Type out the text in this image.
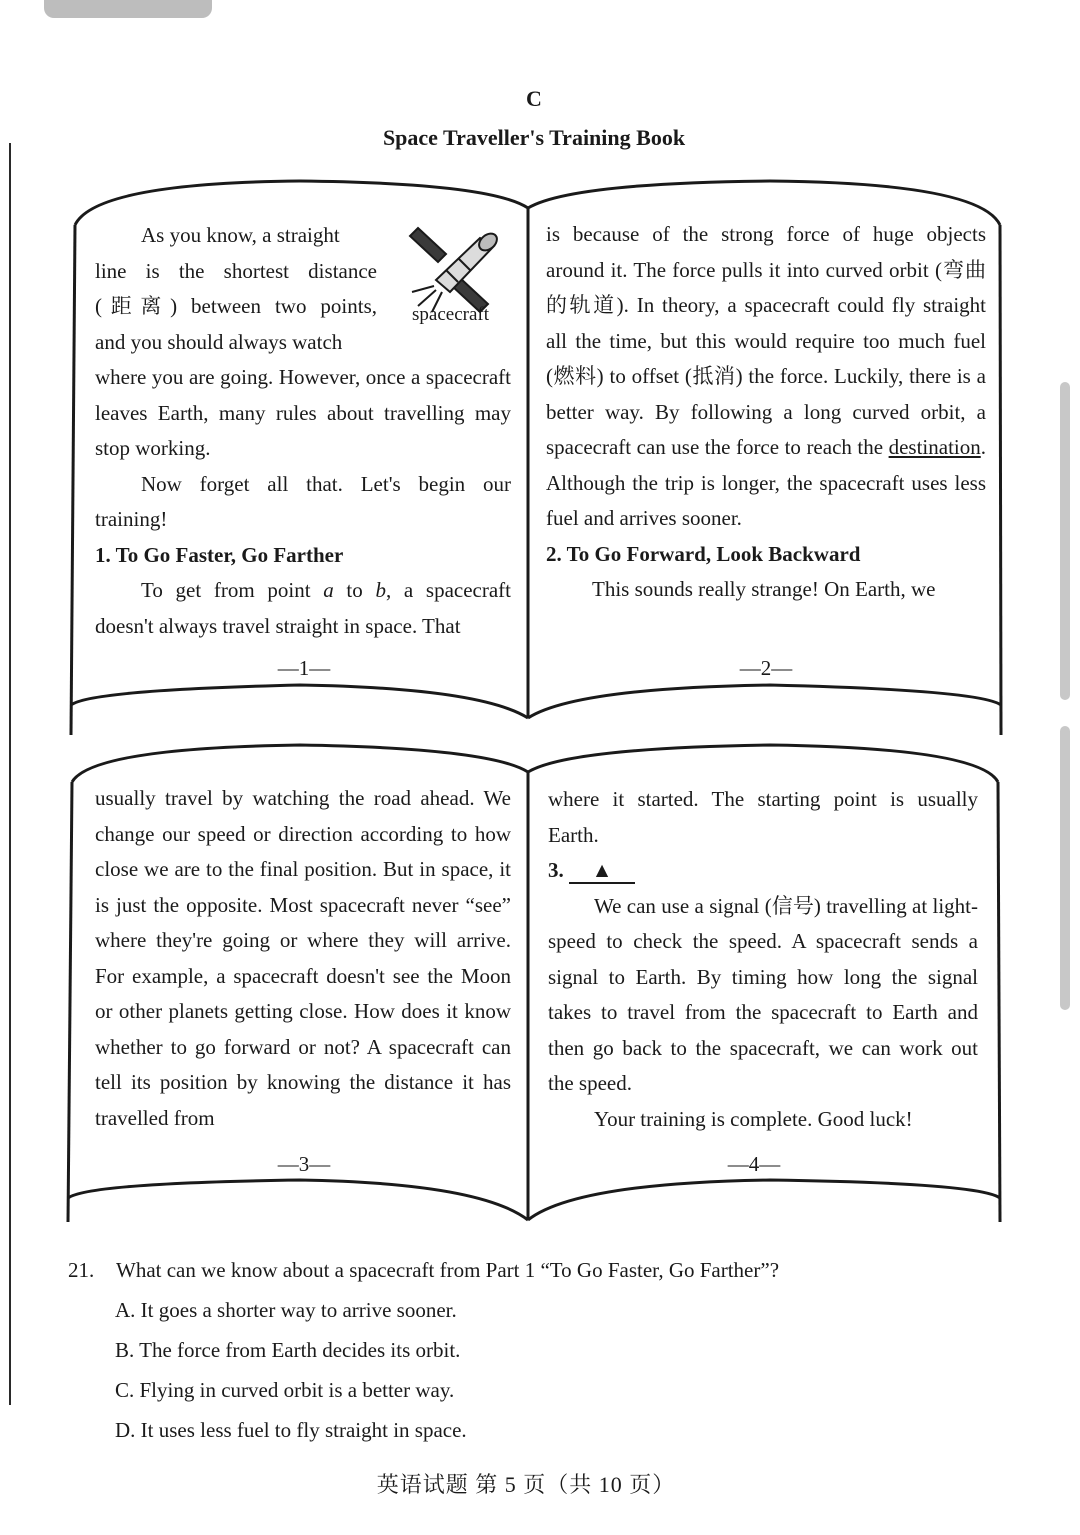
C
Space Traveller's Training Book
spacecraft
As you know, a straight
line is the shortest distance
(距离) between two points,
and you should always watch

where you are going. However, once a spacecraft leaves Earth, many rules about travelling may stop working.

Now forget all that. Let's begin our training!

1. To Go Faster, Go Farther

To get from point a to b, a spacecraft doesn't always travel straight in space. That

—1—

is because of the strong force of huge objects around it. The force pulls it into curved orbit (弯曲的轨道). In theory, a spacecraft could fly straight all the time, but this would require too much fuel (燃料) to offset (抵消) the force. Luckily, there is a better way. By following a long curved orbit, a spacecraft can use the force to reach the destination. Although the trip is longer, the spacecraft uses less fuel and arrives sooner.

2. To Go Forward, Look Backward

This sounds really strange! On Earth, we

—2—

usually travel by watching the road ahead. We change our speed or direction according to how close we are to the final position. But in space, it is just the opposite. Most spacecraft never “see” where they're going or where they will arrive. For example, a spacecraft doesn't see the Moon or other planets getting close. How does it know whether to go forward or not? A spacecraft can tell its position by knowing the distance it has travelled from

—3—

where it started. The starting point is usually Earth.

3. ▲

We can use a signal (信号) travelling at light-speed to check the speed. A spacecraft sends a signal to Earth. By timing how long the signal takes to travel from the spacecraft to Earth and then go back to the spacecraft, we can work out the speed.

Your training is complete. Good luck!

—4—
21. What can we know about a spacecraft from Part 1 “To Go Faster, Go Farther”?
A. It goes a shorter way to arrive sooner.
B. The force from Earth decides its orbit.
C. Flying in curved orbit is a better way.
D. It uses less fuel to fly straight in space.
英语试题 第 5 页（共 10 页）
